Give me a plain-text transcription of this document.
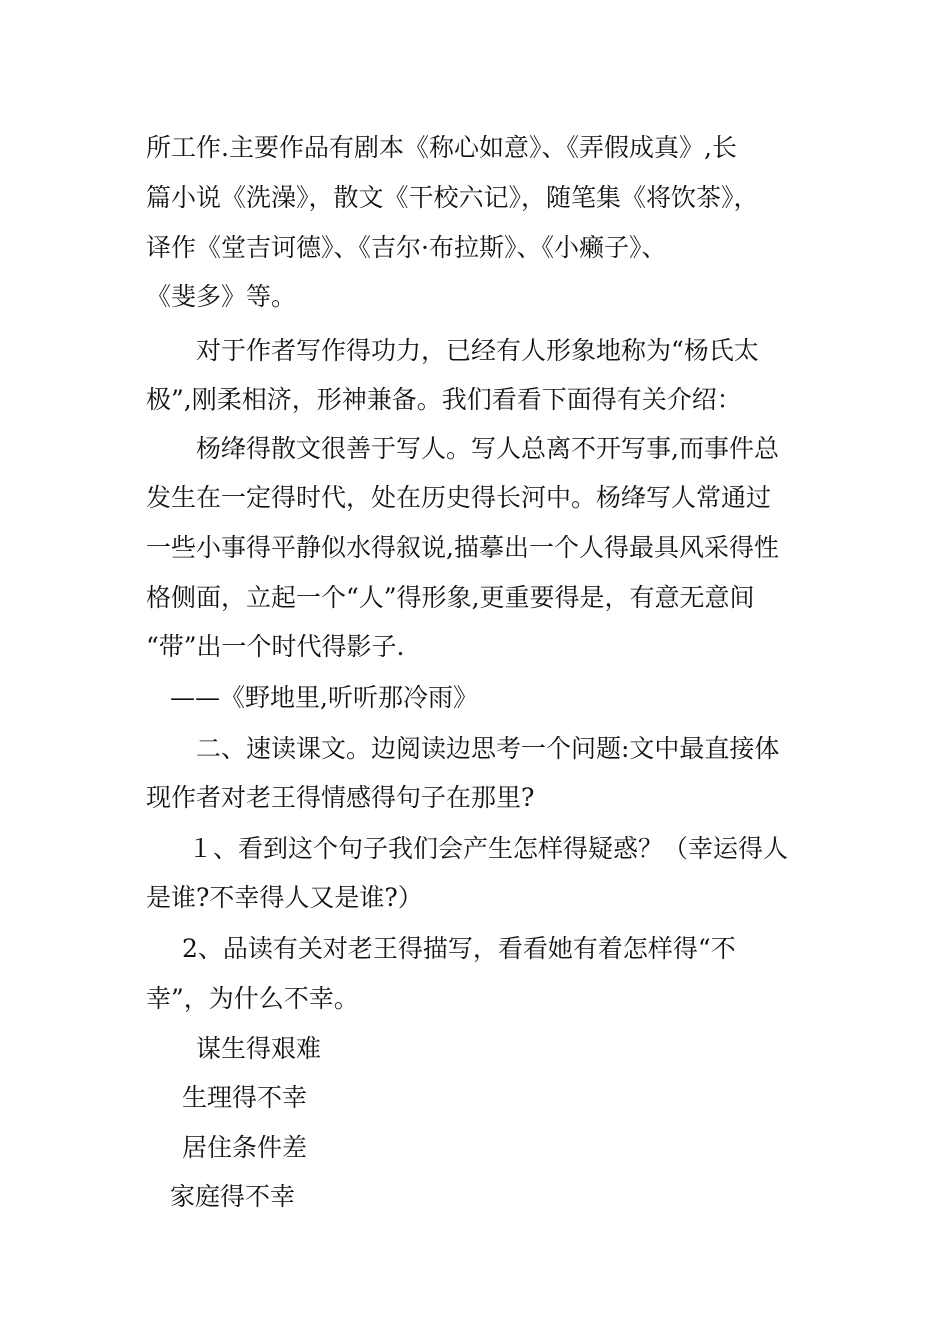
所工作.主要作品有剧本《称心如意》、《弄假成真》,长
篇小说《洗澡》，散文《干校六记》，随笔集《将饮茶》，
译作《堂吉诃德》、《吉尔·布拉斯》、《小癞子》、
《斐多》等。
对于作者写作得功力，已经有人形象地称为“杨氏太
极”,刚柔相济，形神兼备。我们看看下面得有关介绍：
杨绛得散文很善于写人。写人总离不开写事,而事件总
发生在一定得时代，处在历史得长河中。杨绛写人常通过
一些小事得平静似水得叙说,描摹出一个人得最具风采得性
格侧面，立起一个“人”得形象,更重要得是，有意无意间
“带”出一个时代得影子.
——《野地里,听听那冷雨》
二、速读课文。边阅读边思考一个问题:文中最直接体
现作者对老王得情感得句子在那里?
１、看到这个句子我们会产生怎样得疑惑？（幸运得人
是谁?不幸得人又是谁?）
2、品读有关对老王得描写，看看她有着怎样得“不
幸”，为什么不幸。
谋生得艰难
生理得不幸
居住条件差
家庭得不幸
